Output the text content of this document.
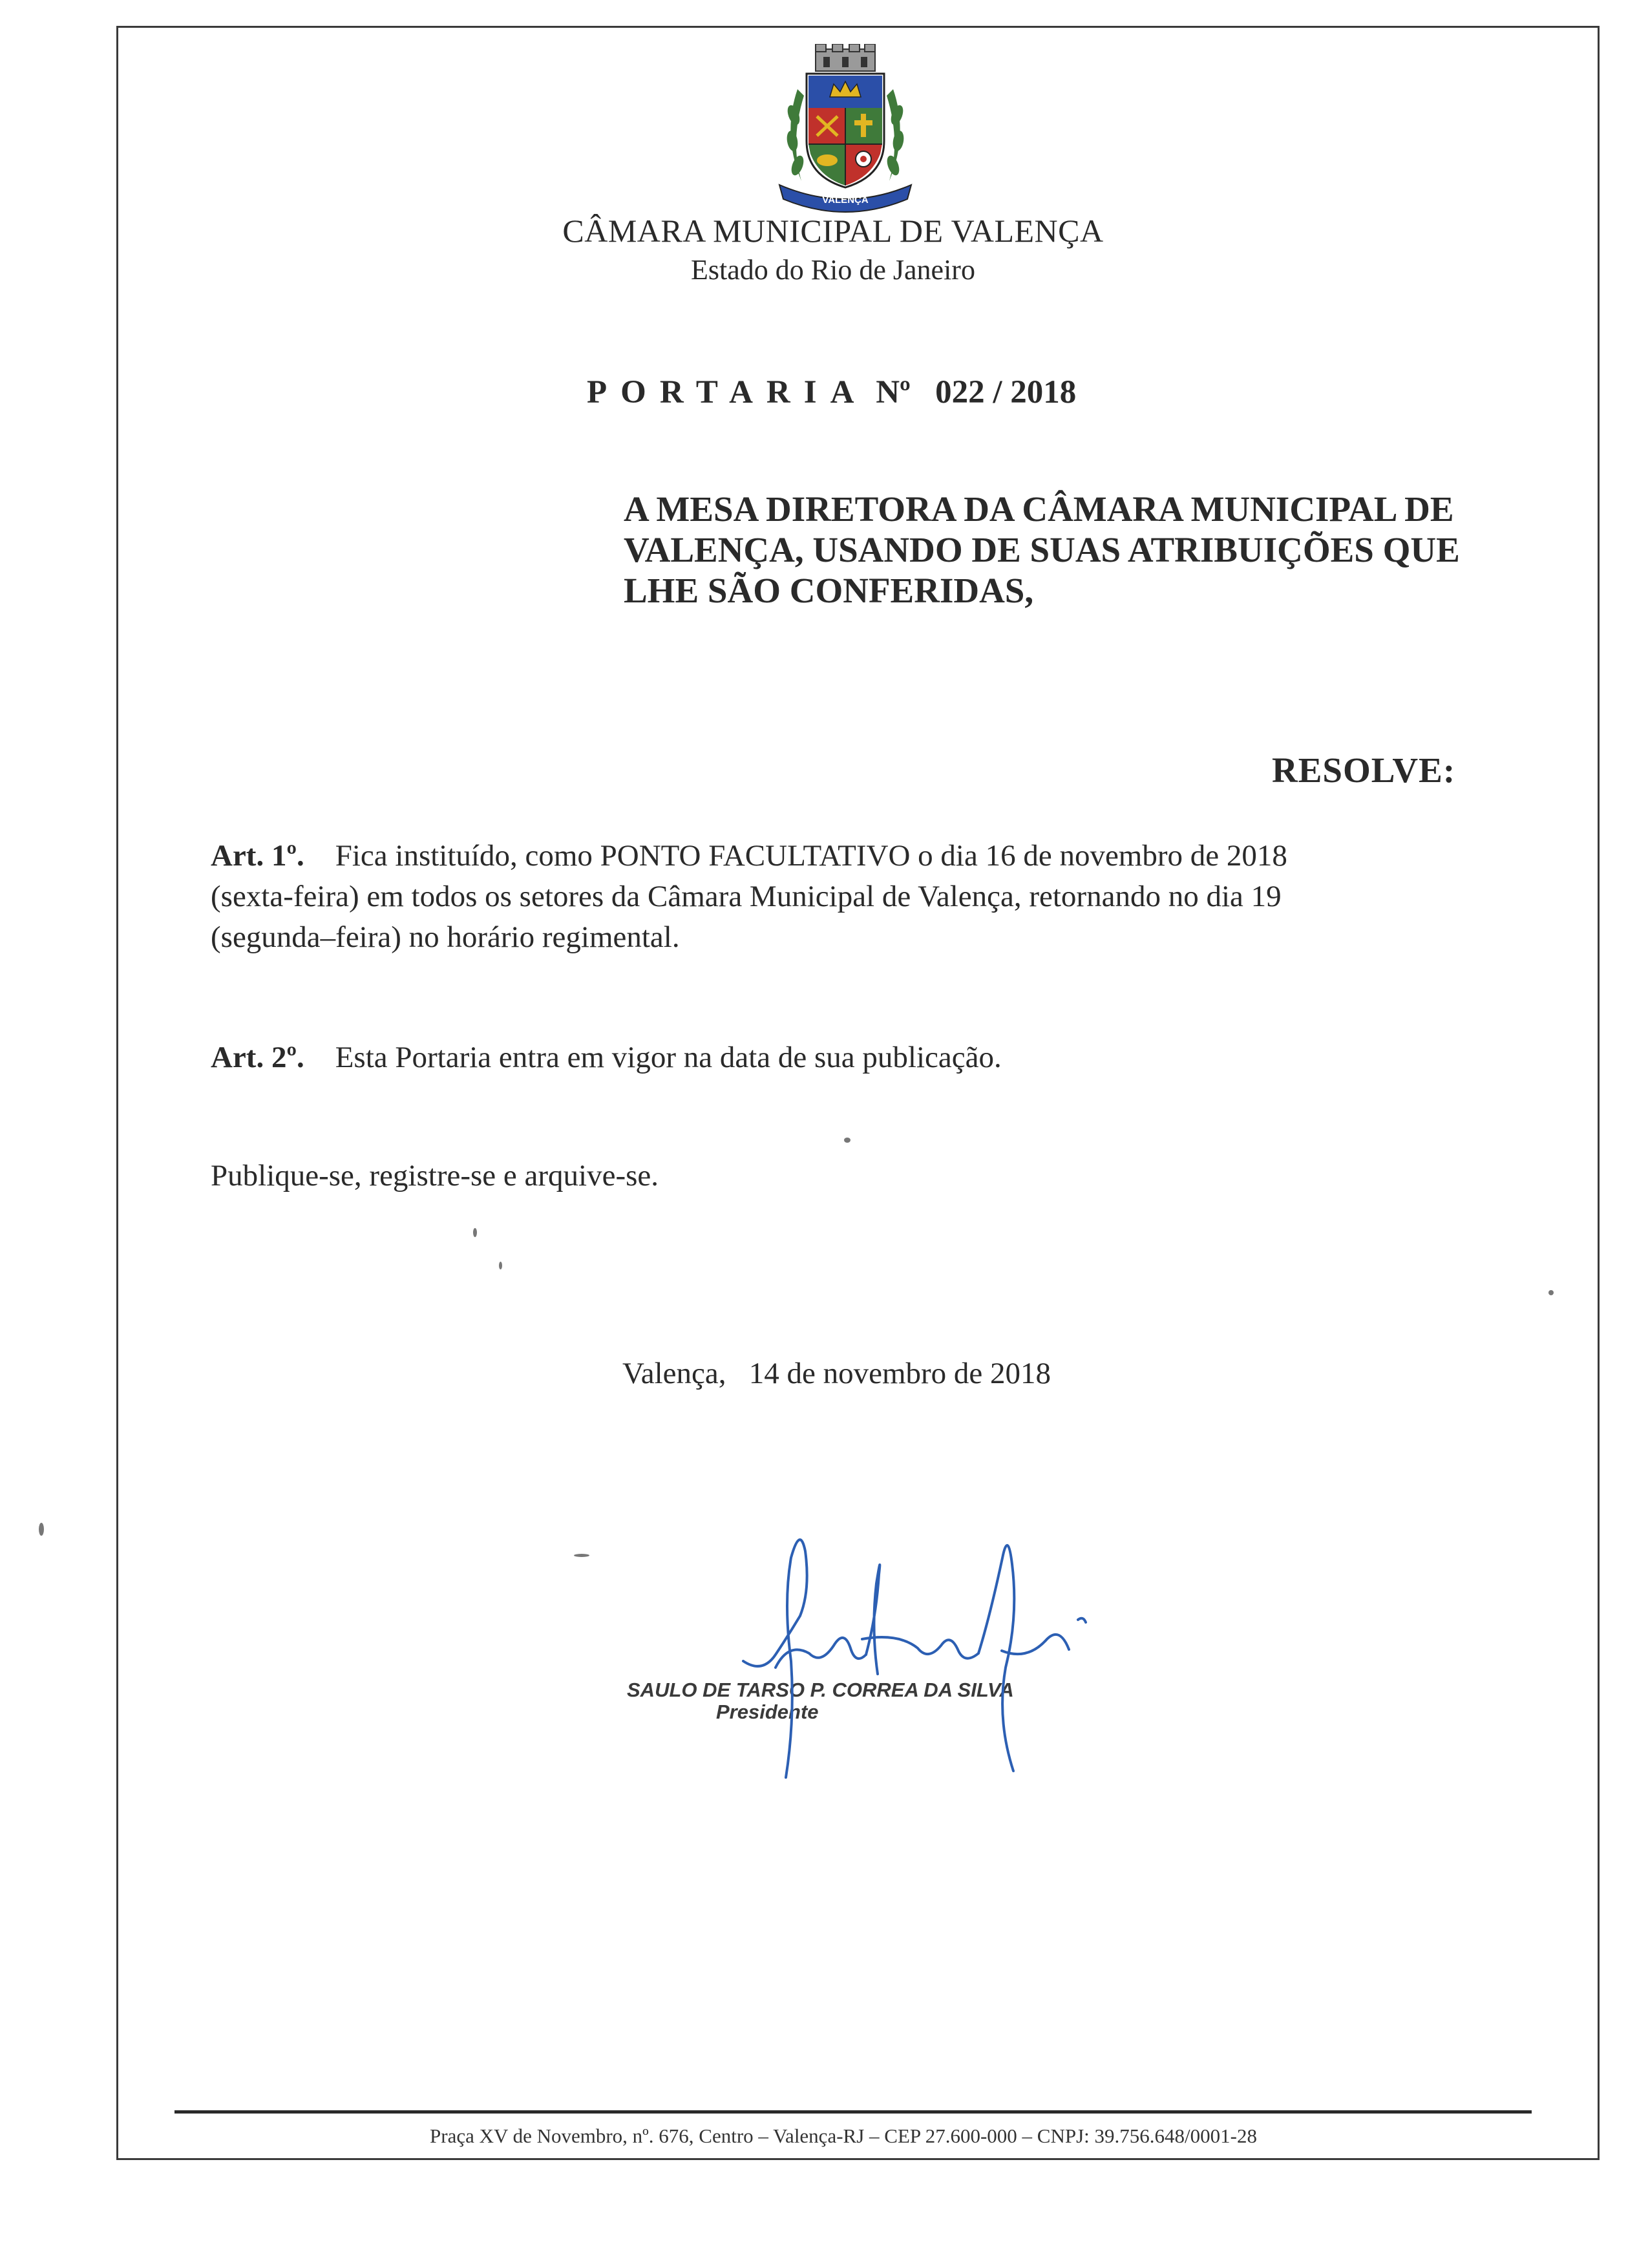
VALENÇA
CÂMARA MUNICIPAL DE VALENÇA
Estado do Rio de Janeiro
PORTARIA Nº 022 / 2018
A MESA DIRETORA DA CÂMARA MUNICIPAL DE
VALENÇA, USANDO DE SUAS ATRIBUIÇÕES QUE
LHE SÃO CONFERIDAS,
RESOLVE:
Art. 1º. Fica instituído, como PONTO FACULTATIVO o dia 16 de novembro de 2018
(sexta-feira) em todos os setores da Câmara Municipal de Valença, retornando no dia 19
(segunda–feira) no horário regimental.
Art. 2º. Esta Portaria entra em vigor na data de sua publicação.
Publique-se, registre-se e arquive-se.
Valença,   14 de novembro de 2018
SAULO DE TARSO P. CORREA DA SILVA
Presidente
Praça XV de Novembro, nº. 676, Centro – Valença-RJ – CEP 27.600-000 – CNPJ: 39.756.648/0001-28
